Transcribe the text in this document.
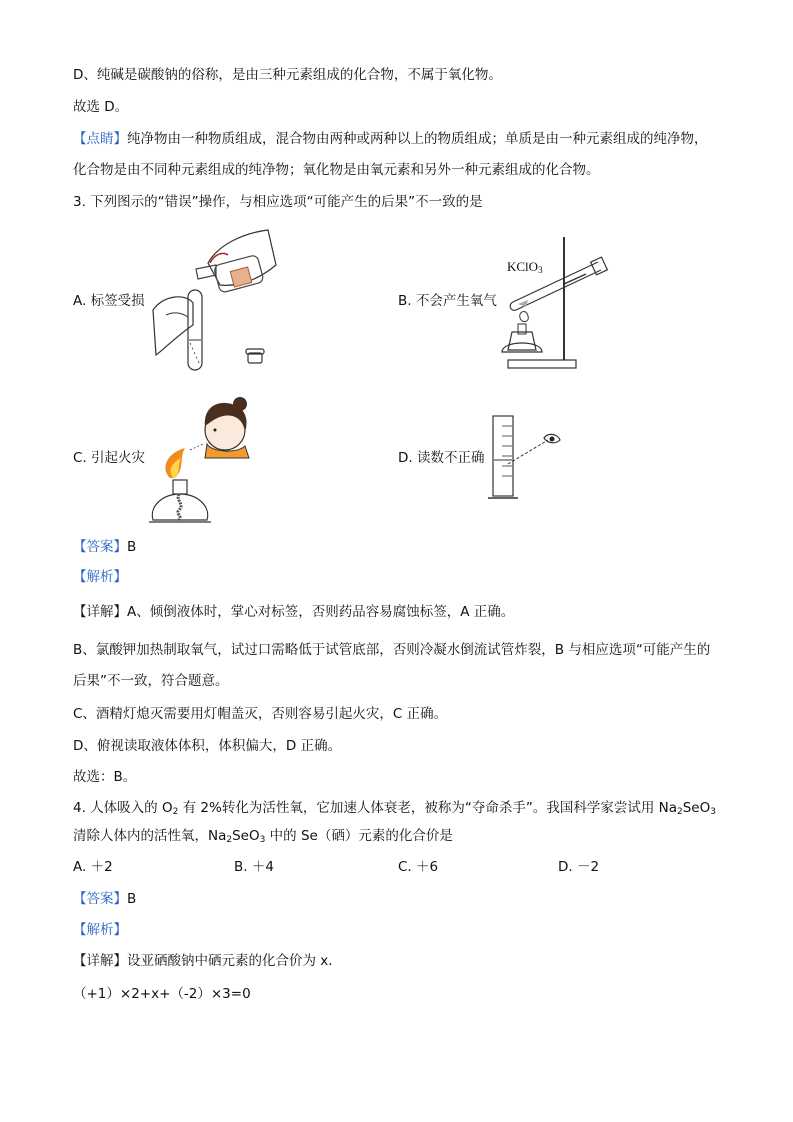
D、纯碱是碳酸钠的俗称，是由三种元素组成的化合物，不属于氧化物。
故选 D。
【点睛】纯净物由一种物质组成，混合物由两种或两种以上的物质组成；单质是由一种元素组成的纯净物，
化合物是由不同种元素组成的纯净物；氧化物是由氧元素和另外一种元素组成的化合物。
3. 下列图示的“错误”操作，与相应选项“可能产生的后果”不一致的是
A. 标签受损	B. 不会产生氧气
C. 引起火灾	D. 读数不正确
KClO$_3$
【答案】B
【解析】
【详解】A、倾倒液体时，掌心对标签，否则药品容易腐蚀标签，A 正确。
B、氯酸钾加热制取氧气，试过口需略低于试管底部，否则冷凝水倒流试管炸裂，B 与相应选项“可能产生的
后果”不一致，符合题意。
C、酒精灯熄灭需要用灯帽盖灭，否则容易引起火灾，C 正确。
D、俯视读取液体体积，体积偏大，D 正确。
故选：B。
4. 人体吸入的 $O_2$ 有 2%转化为活性氧，它加速人体衰老，被称为“夺命杀手”。我国科学家尝试用 $Na_2SeO_3$
清除人体内的活性氧，$Na_2SeO_3$ 中的 Se（硒）元素的化合价是
A. ＋2	B. ＋4	C. ＋6	D. －2
【答案】B
【解析】
【详解】设亚硒酸钠中硒元素的化合价为 x．
（+1）×2+x+（-2）×3=0
